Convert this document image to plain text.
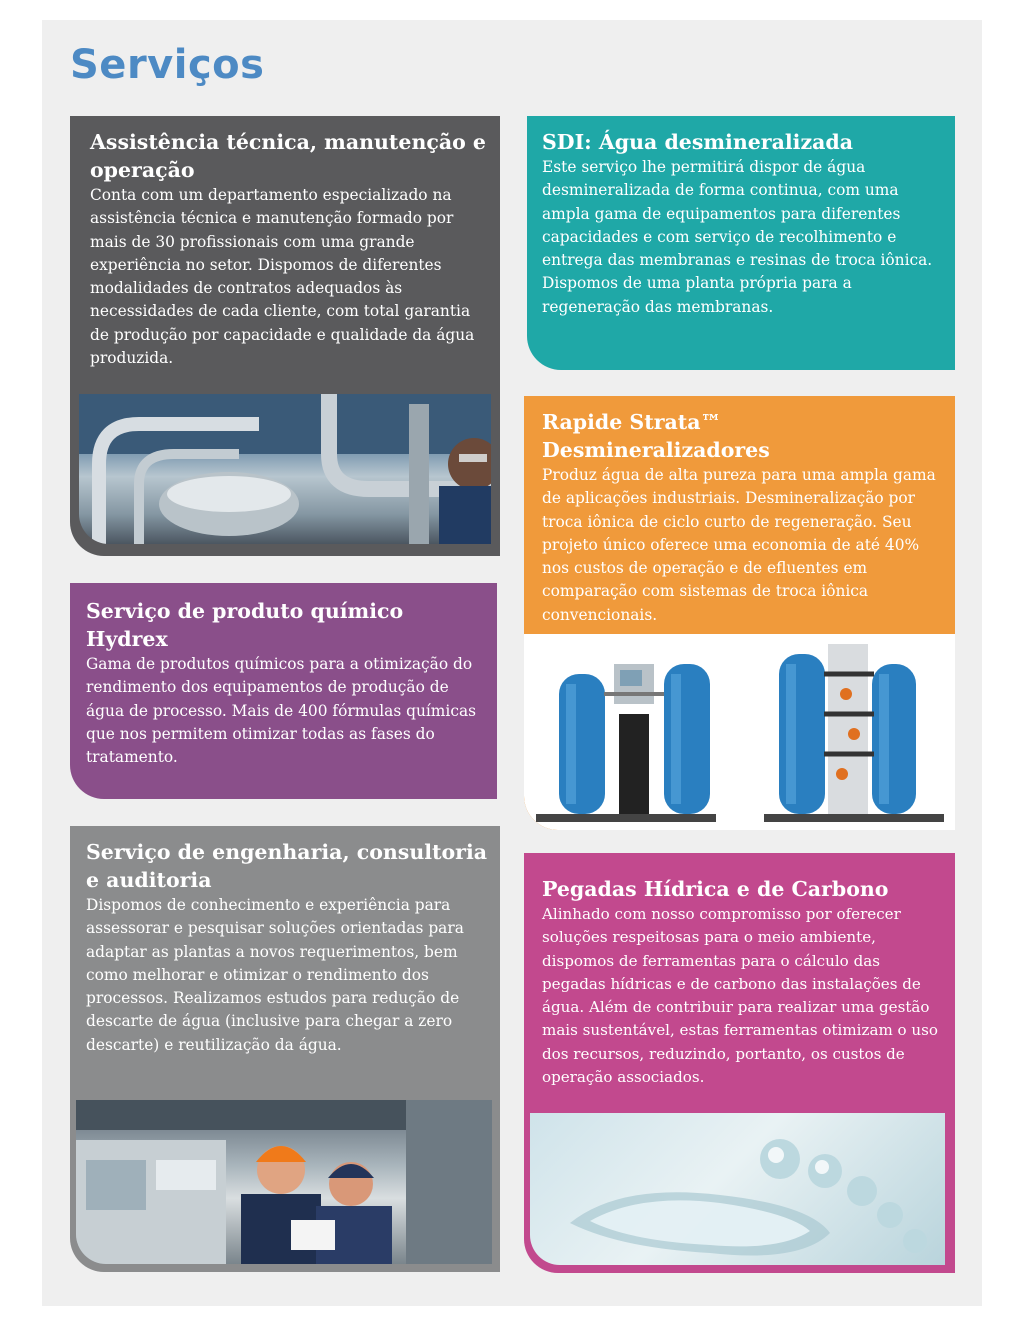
Serviços
Assistência técnica, manutenção e operação

Conta com um departamento especializado na assistência técnica e manutenção formado por mais de 30 profissionais com uma grande experiência no setor. Dispomos de diferentes modalidades de contratos adequados às necessidades de cada cliente, com total garantia de produção por capacidade e qualidade da água produzida.

SDI: Água desmineralizada

Este serviço lhe permitirá dispor de água desmineralizada de forma continua, com uma ampla gama de equipamentos para diferentes capacidades e com serviço de recolhimento e entrega das membranas e resinas de troca iônica. Dispomos de uma planta própria para a regeneração das membranas.

Rapide Strata™ Desmineralizadores

Produz água de alta pureza para uma ampla gama de aplicações industriais. Desmineralização por troca iônica de ciclo curto de regeneração. Seu projeto único oferece uma economia de até 40% nos custos de operação e de efluentes em comparação com sistemas de troca iônica convencionais.

Serviço de produto químico Hydrex

Gama de produtos químicos para a otimização do rendimento dos equipamentos de produção de água de processo. Mais de 400 fórmulas químicas que nos permitem otimizar todas as fases do tratamento.

Serviço de engenharia, consultoria e auditoria

Dispomos de conhecimento e experiência para assessorar e pesquisar soluções orientadas para adaptar as plantas a novos requerimentos, bem como melhorar e otimizar o rendimento dos processos. Realizamos estudos para redução de descarte de água (inclusive para chegar a zero descarte) e reutilização da água.

Pegadas Hídrica e de Carbono

Alinhado com nosso compromisso por oferecer soluções respeitosas para o meio ambiente, dispomos de ferramentas para o cálculo das pegadas hídricas e de carbono das instalações de água. Além de contribuir para realizar uma gestão mais sustentável, estas ferramentas otimizam o uso dos recursos, reduzindo, portanto, os custos de operação associados.
